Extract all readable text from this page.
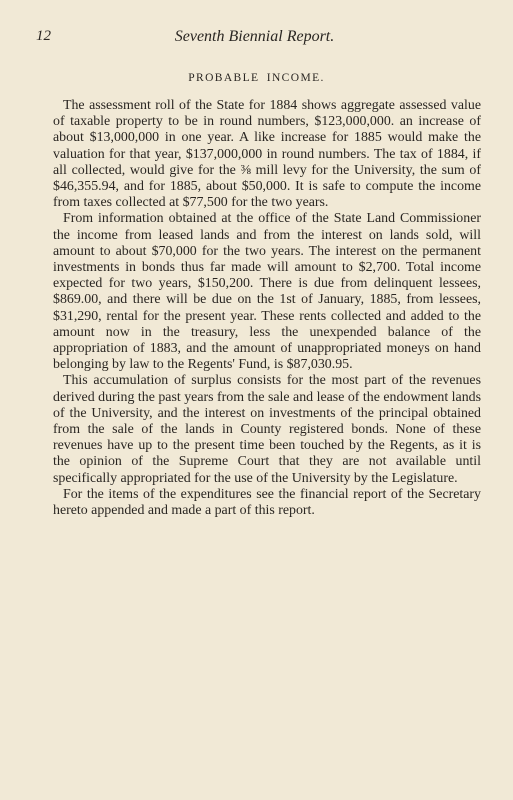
12	Seventh Biennial Report.
PROBABLE INCOME.

The assessment roll of the State for 1884 shows aggregate assessed value of taxable property to be in round numbers, $123,000,000. an increase of about $13,000,000 in one year. A like increase for 1885 would make the valuation for that year, $137,000,000 in round numbers. The tax of 1884, if all collected, would give for the ⅜ mill levy for the University, the sum of $46,355.94, and for 1885, about $50,000. It is safe to compute the income from taxes collected at $77,500 for the two years.

From information obtained at the office of the State Land Commissioner the income from leased lands and from the interest on lands sold, will amount to about $70,000 for the two years. The interest on the permanent investments in bonds thus far made will amount to $2,700. Total income expected for two years, $150,200. There is due from delinquent lessees, $869.00, and there will be due on the 1st of January, 1885, from lessees, $31,290, rental for the present year. These rents collected and added to the amount now in the treasury, less the unexpended balance of the appropriation of 1883, and the amount of unappropriated moneys on hand belonging by law to the Regents' Fund, is $87,030.95.

This accumulation of surplus consists for the most part of the revenues derived during the past years from the sale and lease of the endowment lands of the University, and the interest on investments of the principal obtained from the sale of the lands in County registered bonds. None of these revenues have up to the present time been touched by the Regents, as it is the opinion of the Supreme Court that they are not available until specifically appropriated for the use of the University by the Legislature.

For the items of the expenditures see the financial report of the Secretary hereto appended and made a part of this report.
